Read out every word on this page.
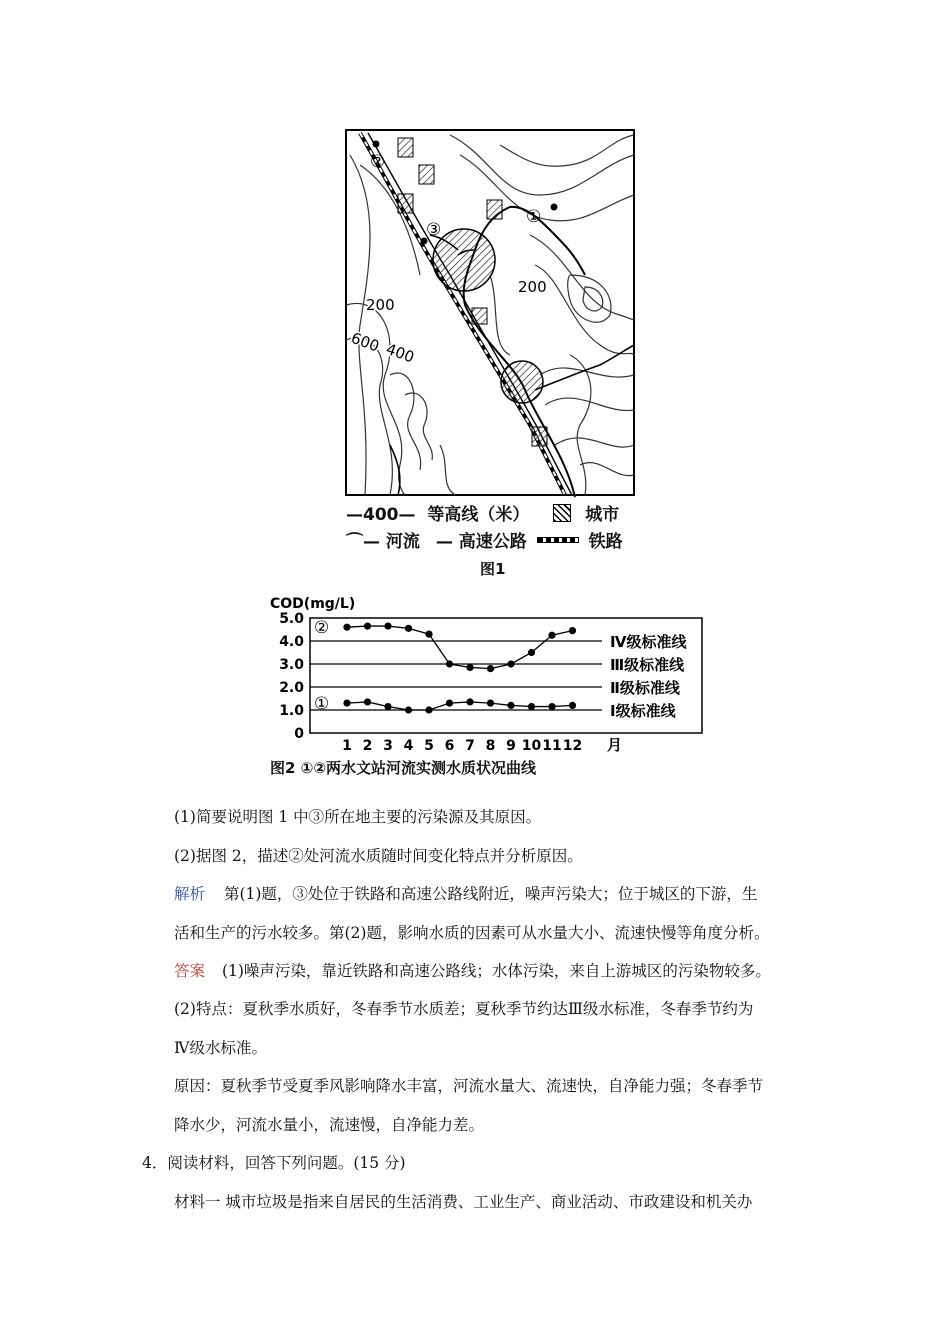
②
③
①
200
200
600 400
—400— 等高线（米）	城市
⌒— 河流 — 高速公路	铁路
图1
COD(mg/L)
Ⅳ级标准线
Ⅲ级标准线
Ⅱ级标准线
Ⅰ级标准线
5.0
4.0
3.0
2.0
1.0
0
1 2 3 4 5 6 7 8 9 10 11 12
②
①
月
图2 ①②两水文站河流实测水质状况曲线
(1)简要说明图 1 中③所在地主要的污染源及其原因。
(2)据图 2，描述②处河流水质随时间变化特点并分析原因。
解析 第(1)题，③处位于铁路和高速公路线附近，噪声污染大；位于城区的下游，生
活和生产的污水较多。第(2)题，影响水质的因素可从水量大小、流速快慢等角度分析。
答案 (1)噪声污染，靠近铁路和高速公路线；水体污染，来自上游城区的污染物较多。
(2)特点：夏秋季水质好，冬春季节水质差；夏秋季节约达Ⅲ级水标准，冬春季节约为
Ⅳ级水标准。
原因：夏秋季节受夏季风影响降水丰富，河流水量大、流速快，自净能力强；冬春季节
降水少，河流水量小，流速慢，自净能力差。
4．阅读材料，回答下列问题。(15 分)
材料一 城市垃圾是指来自居民的生活消费、工业生产、商业活动、市政建设和机关办
